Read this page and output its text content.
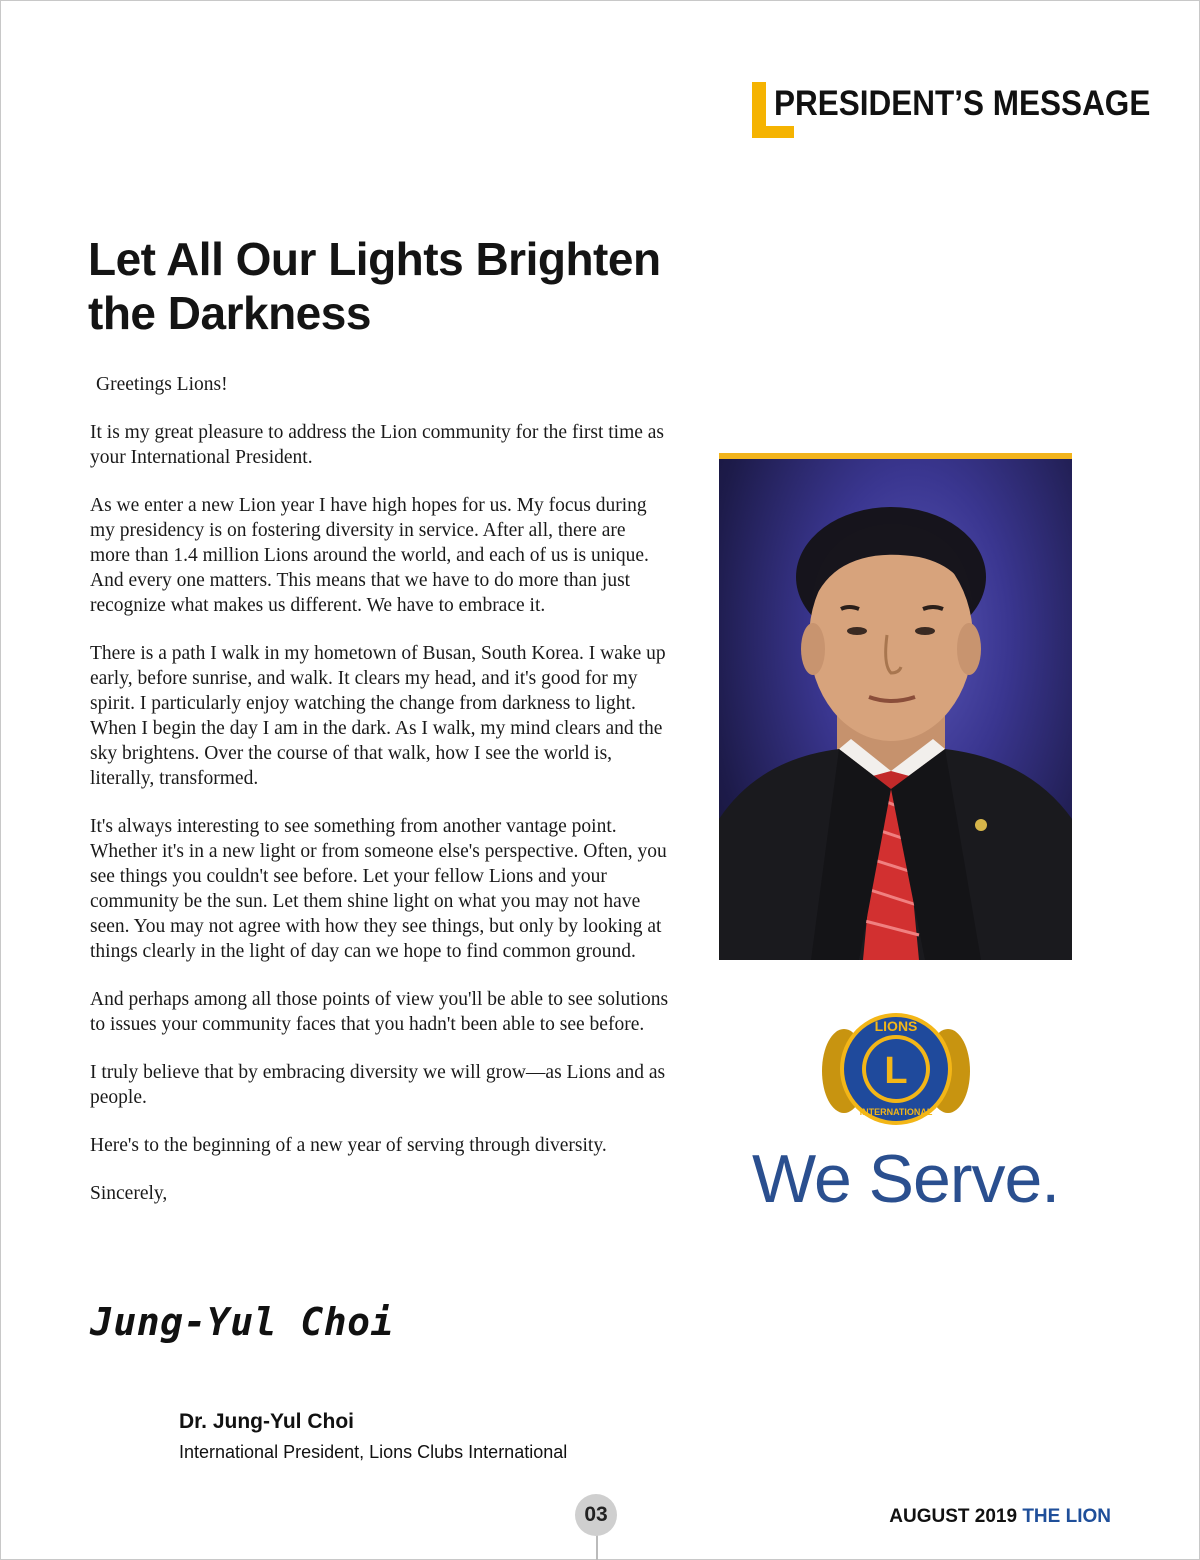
PRESIDENT’S MESSAGE
Let All Our Lights Brighten
the Darkness

Greetings Lions!

It is my great pleasure to address the Lion community for the first time as your International President.

As we enter a new Lion year I have high hopes for us. My focus during my presidency is on fostering diversity in service. After all, there are more than 1.4 million Lions around the world, and each of us is unique. And every one matters. This means that we have to do more than just recognize what makes us different. We have to embrace it.

There is a path I walk in my hometown of Busan, South Korea. I wake up early, before sunrise, and walk. It clears my head, and it's good for my spirit. I particularly enjoy watching the change from darkness to light. When I begin the day I am in the dark. As I walk, my mind clears and the sky brightens. Over the course of that walk, how I see the world is, literally, transformed.

It's always interesting to see something from another vantage point. Whether it's in a new light or from someone else's perspective. Often, you see things you couldn't see before. Let your fellow Lions and your community be the sun. Let them shine light on what you may not have seen. You may not agree with how they see things, but only by looking at things clearly in the light of day can we hope to find common ground.

And perhaps among all those points of view you'll be able to see solutions to issues your community faces that you hadn't been able to see before.

I truly believe that by embracing diversity we will grow—as Lions and as people.

Here's to the beginning of a new year of serving through diversity.

Sincerely,

Dr. Jung-Yul Choi

International President, Lions Clubs International
Jung-Yul Choi
L
LIONS
INTERNATIONAL
We Serve.
03	AUGUST 2019 THE LION
